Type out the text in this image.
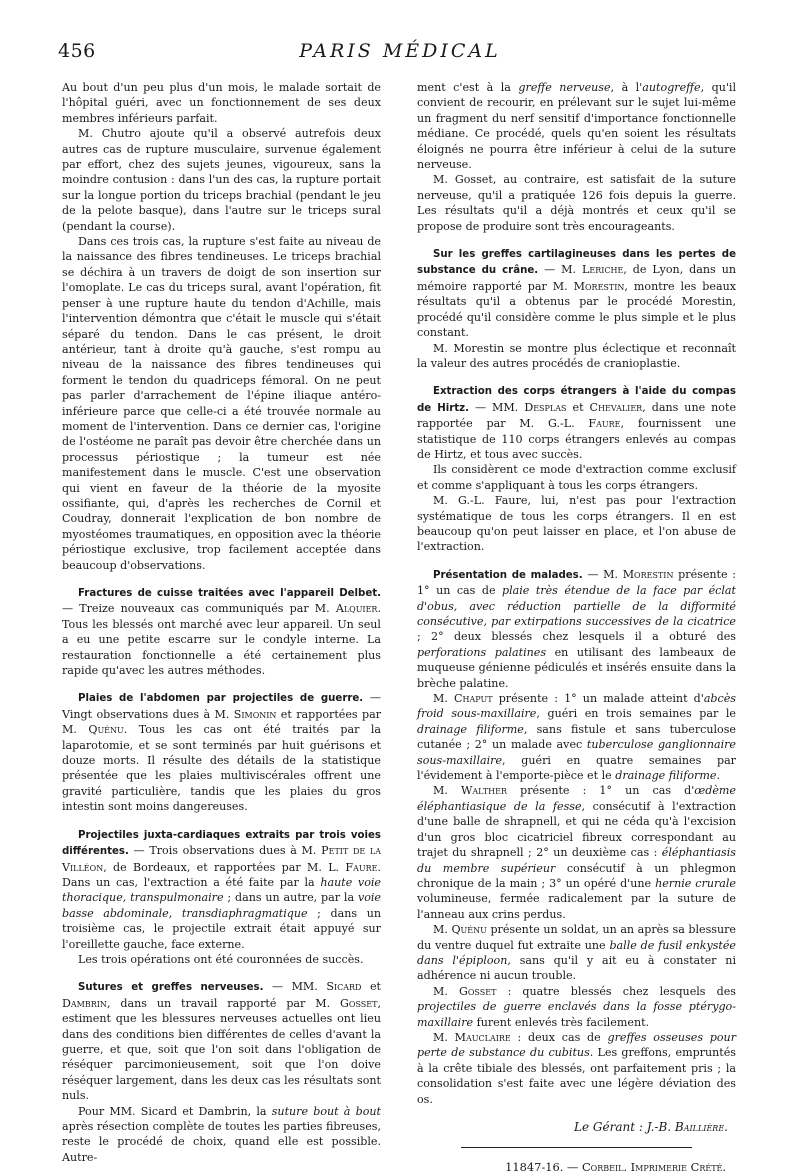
456	PARIS MÉDICAL

Au bout d'un peu plus d'un mois, le malade sortait de l'hôpital guéri, avec un fonctionnement de ses deux membres inférieurs parfait.

M. Chutro ajoute qu'il a observé autrefois deux autres cas de rupture musculaire, survenue également par effort, chez des sujets jeunes, vigoureux, sans la moindre contusion : dans l'un des cas, la rupture portait sur la longue portion du triceps brachial (pendant le jeu de la pelote basque), dans l'autre sur le triceps sural (pendant la course).

Dans ces trois cas, la rupture s'est faite au niveau de la naissance des fibres tendineuses. Le triceps brachial se déchira à un travers de doigt de son insertion sur l'omoplate. Le cas du triceps sural, avant l'opération, fit penser à une rupture haute du tendon d'Achille, mais l'intervention démontra que c'était le muscle qui s'était séparé du tendon. Dans le cas présent, le droit antérieur, tant à droite qu'à gauche, s'est rompu au niveau de la naissance des fibres tendineuses qui forment le tendon du quadriceps fémoral. On ne peut pas parler d'arrachement de l'épine iliaque antéro-inférieure parce que celle-ci a été trouvée normale au moment de l'intervention. Dans ce dernier cas, l'origine de l'ostéome ne paraît pas devoir être cherchée dans un processus périostique ; la tumeur est née manifestement dans le muscle. C'est une observation qui vient en faveur de la théorie de la myosite ossifiante, qui, d'après les recherches de Cornil et Coudray, donnerait l'explication de bon nombre de myostéomes traumatiques, en opposition avec la théorie périostique exclusive, trop facilement acceptée dans beaucoup d'observations.

Fractures de cuisse traitées avec l'appareil Delbet. — Treize nouveaux cas communiqués par M. Alquier. Tous les blessés ont marché avec leur appareil. Un seul a eu une petite escarre sur le condyle interne. La restauration fonctionnelle a été certainement plus rapide qu'avec les autres méthodes.

Plaies de l'abdomen par projectiles de guerre. — Vingt observations dues à M. Simonin et rapportées par M. Quénu. Tous les cas ont été traités par la laparotomie, et se sont terminés par huit guérisons et douze morts. Il résulte des détails de la statistique présentée que les plaies multiviscérales offrent une gravité particulière, tandis que les plaies du gros intestin sont moins dangereuses.

Projectiles juxta-cardiaques extraits par trois voies différentes. — Trois observations dues à M. Petit de la Villéon, de Bordeaux, et rapportées par M. L. Faure. Dans un cas, l'extraction a été faite par la haute voie thoracique, transpulmonaire ; dans un autre, par la voie basse abdominale, transdiaphragmatique ; dans un troisième cas, le projectile extrait était appuyé sur l'oreillette gauche, face externe.

Les trois opérations ont été couronnées de succès.

Sutures et greffes nerveuses. — MM. Sicard et Dambrin, dans un travail rapporté par M. Gosset, estiment que les blessures nerveuses actuelles ont lieu dans des conditions bien différentes de celles d'avant la guerre, et que, soit que l'on soit dans l'obligation de réséquer parcimonieusement, soit que l'on doive réséquer largement, dans les deux cas les résultats sont nuls.

Pour MM. Sicard et Dambrin, la suture bout à bout après résection complète de toutes les parties fibreuses, reste le procédé de choix, quand elle est possible. Autre-

ment c'est à la greffe nerveuse, à l'autogreffe, qu'il convient de recourir, en prélevant sur le sujet lui-même un fragment du nerf sensitif d'importance fonctionnelle médiane. Ce procédé, quels qu'en soient les résultats éloignés ne pourra être inférieur à celui de la suture nerveuse.

M. Gosset, au contraire, est satisfait de la suture nerveuse, qu'il a pratiquée 126 fois depuis la guerre. Les résultats qu'il a déjà montrés et ceux qu'il se propose de produire sont très encourageants.

Sur les greffes cartilagineuses dans les pertes de substance du crâne. — M. Leriche, de Lyon, dans un mémoire rapporté par M. Morestin, montre les beaux résultats qu'il a obtenus par le procédé Morestin, procédé qu'il considère comme le plus simple et le plus constant.

M. Morestin se montre plus éclectique et reconnaît la valeur des autres procédés de cranioplastie.

Extraction des corps étrangers à l'aide du compas de Hirtz. — MM. Desplas et Chevalier, dans une note rapportée par M. G.-L. Faure, fournissent une statistique de 110 corps étrangers enlevés au compas de Hirtz, et tous avec succès.

Ils considèrent ce mode d'extraction comme exclusif et comme s'appliquant à tous les corps étrangers.

M. G.-L. Faure, lui, n'est pas pour l'extraction systématique de tous les corps étrangers. Il en est beaucoup qu'on peut laisser en place, et l'on abuse de l'extraction.

Présentation de malades. — M. Morestin présente : 1° un cas de plaie très étendue de la face par éclat d'obus, avec réduction partielle de la difformité consécutive, par extirpations successives de la cicatrice ; 2° deux blessés chez lesquels il a obturé des perforations palatines en utilisant des lambeaux de muqueuse génienne pédiculés et insérés ensuite dans la brèche palatine.

M. Chaput présente : 1° un malade atteint d'abcès froid sous-maxillaire, guéri en trois semaines par le drainage filiforme, sans fistule et sans tuberculose cutanée ; 2° un malade avec tuberculose ganglionnaire sous-maxillaire, guéri en quatre semaines par l'évidement à l'emporte-pièce et le drainage filiforme.

M. Walther présente : 1° un cas d'œdème éléphantiasique de la fesse, consécutif à l'extraction d'une balle de shrapnell, et qui ne céda qu'à l'excision d'un gros bloc cicatriciel fibreux correspondant au trajet du shrapnell ; 2° un deuxième cas : éléphantiasis du membre supérieur consécutif à un phlegmon chronique de la main ; 3° un opéré d'une hernie crurale volumineuse, fermée radicalement par la suture de l'anneau aux crins perdus.

M. Quénu présente un soldat, un an après sa blessure du ventre duquel fut extraite une balle de fusil enkystée dans l'épiploon, sans qu'il y ait eu à constater ni adhérence ni aucun trouble.

M. Gosset : quatre blessés chez lesquels des projectiles de guerre enclavés dans la fosse ptérygo-maxillaire furent enlevés très facilement.

M. Mauclaire : deux cas de greffes osseuses pour perte de substance du cubitus. Les greffons, empruntés à la crête tibiale des blessés, ont parfaitement pris ; la consolidation s'est faite avec une légère déviation des os.

Le Gérant : J.-B. Baillière.
11847-16. — Corbeil. Imprimerie Crété.
